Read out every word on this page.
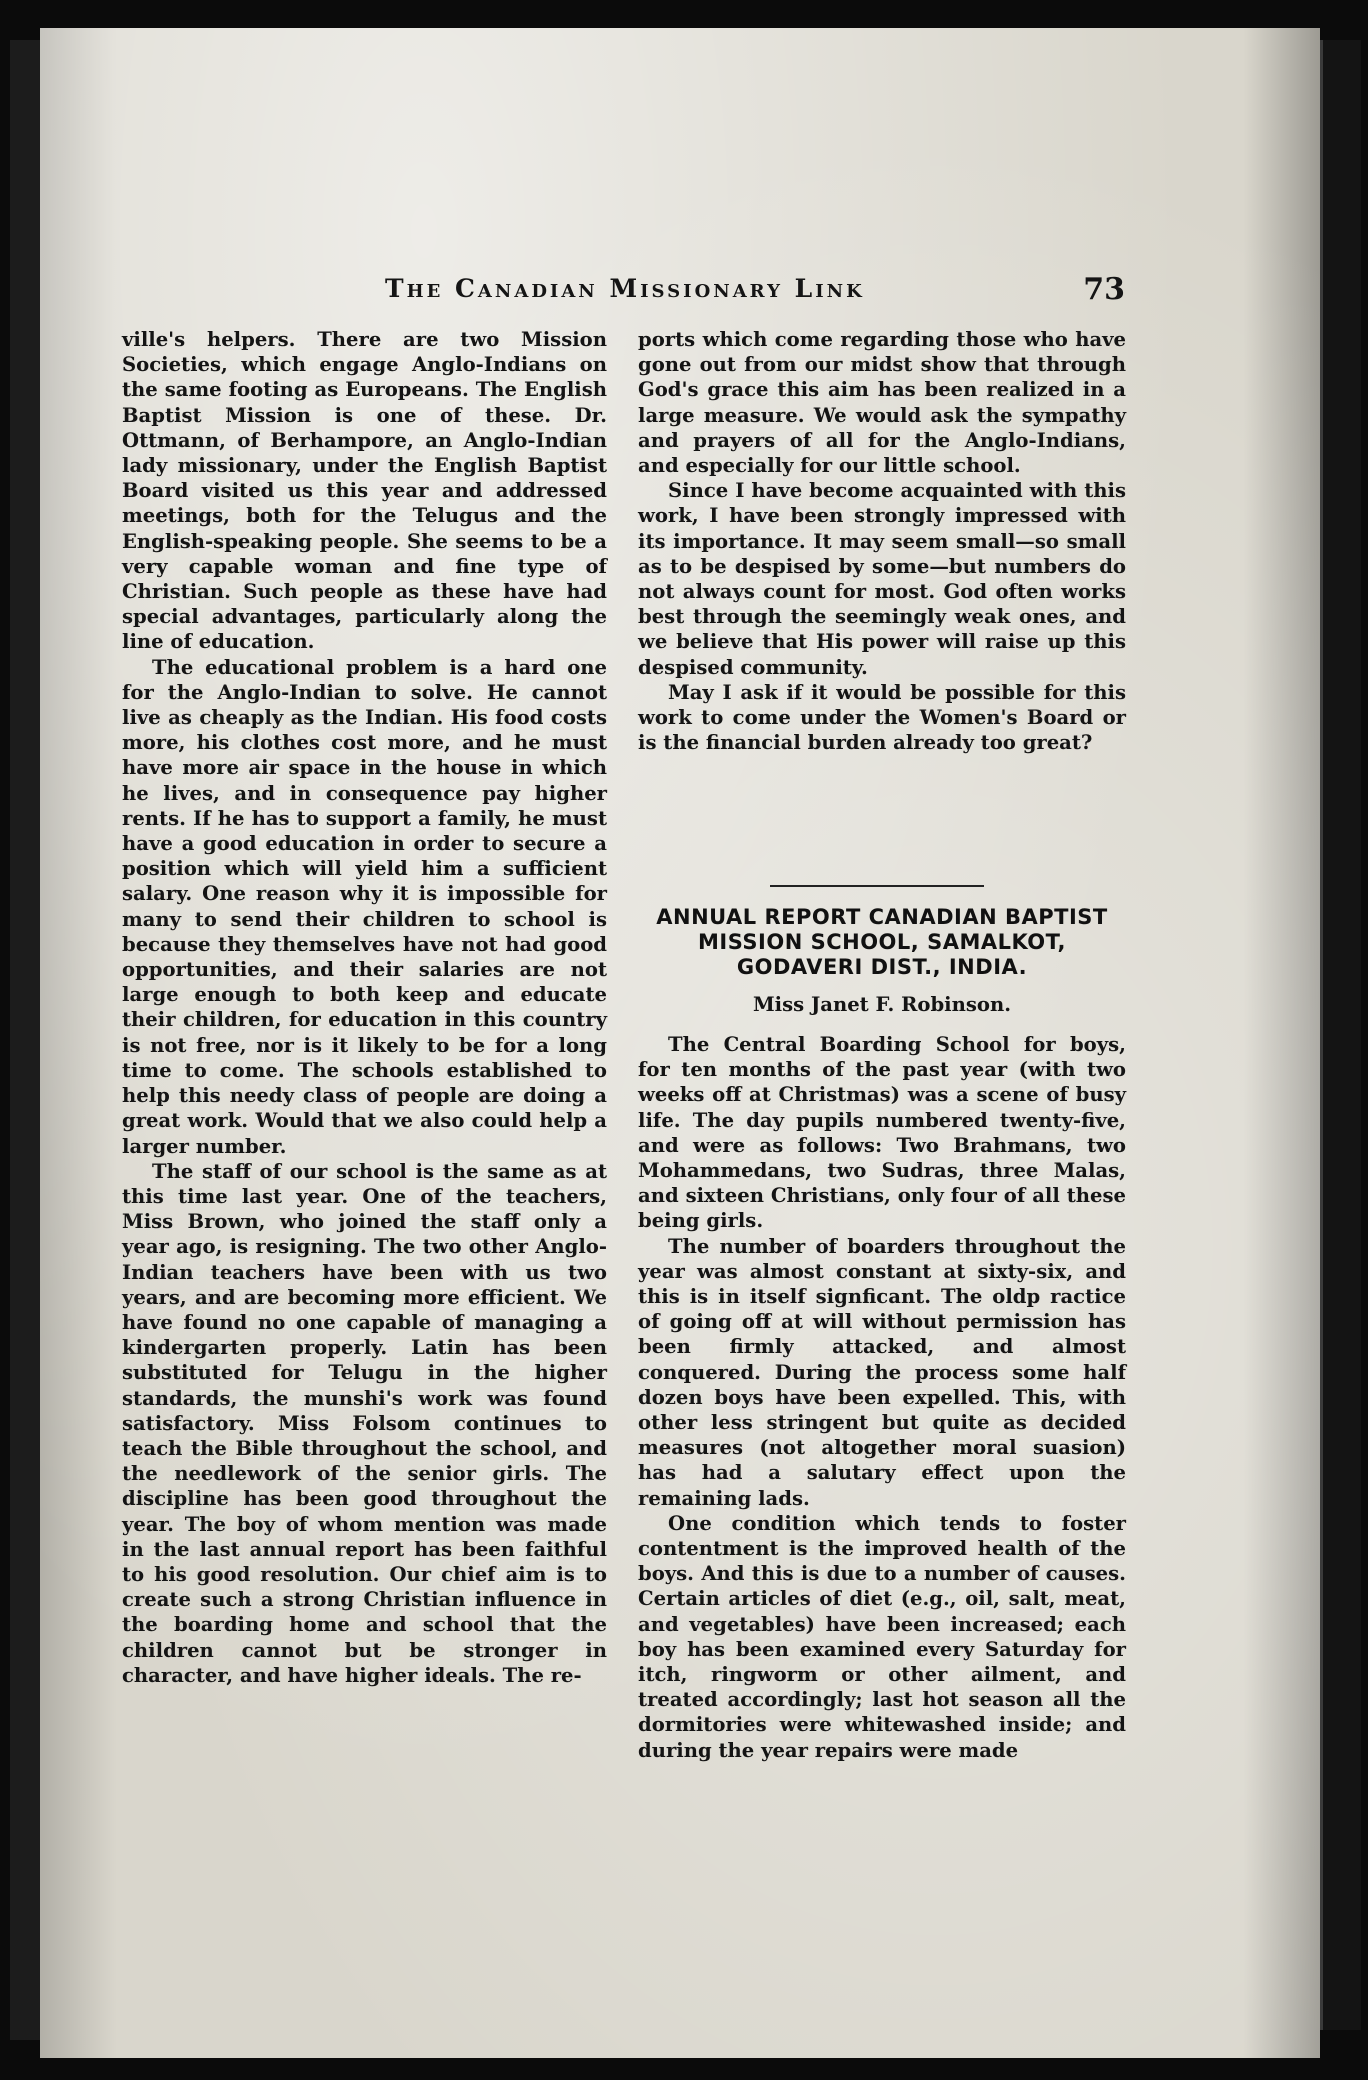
The Canadian Missionary Link	73

ville's helpers. There are two Mission Societies, which engage Anglo-Indians on the same footing as Europeans. The English Baptist Mission is one of these. Dr. Ottmann, of Berhampore, an Anglo-Indian lady missionary, under the English Baptist Board visited us this year and addressed meetings, both for the Telugus and the English-speaking people. She seems to be a very capable woman and fine type of Christian. Such people as these have had special advantages, particularly along the line of education.

The educational problem is a hard one for the Anglo-Indian to solve. He cannot live as cheaply as the Indian. His food costs more, his clothes cost more, and he must have more air space in the house in which he lives, and in consequence pay higher rents. If he has to support a family, he must have a good education in order to secure a position which will yield him a sufficient salary. One reason why it is impossible for many to send their children to school is because they themselves have not had good opportunities, and their salaries are not large enough to both keep and educate their children, for education in this country is not free, nor is it likely to be for a long time to come. The schools established to help this needy class of people are doing a great work. Would that we also could help a larger number.

The staff of our school is the same as at this time last year. One of the teachers, Miss Brown, who joined the staff only a year ago, is resigning. The two other Anglo-Indian teachers have been with us two years, and are becoming more efficient. We have found no one capable of managing a kindergarten properly. Latin has been substituted for Telugu in the higher standards, the munshi's work was found satisfactory. Miss Folsom continues to teach the Bible throughout the school, and the needlework of the senior girls. The discipline has been good throughout the year. The boy of whom mention was made in the last annual report has been faithful to his good resolution. Our chief aim is to create such a strong Christian influence in the boarding home and school that the children cannot but be stronger in character, and have higher ideals. The re-

ports which come regarding those who have gone out from our midst show that through God's grace this aim has been realized in a large measure. We would ask the sympathy and prayers of all for the Anglo-Indians, and especially for our little school.

Since I have become acquainted with this work, I have been strongly impressed with its importance. It may seem small—so small as to be despised by some—but numbers do not always count for most. God often works best through the seemingly weak ones, and we believe that His power will raise up this despised community.

May I ask if it would be possible for this work to come under the Women's Board or is the financial burden already too great?

ANNUAL REPORT CANADIAN BAPTIST MISSION SCHOOL, SAMALKOT, GODAVERI DIST., INDIA.
Miss Janet F. Robinson.

The Central Boarding School for boys, for ten months of the past year (with two weeks off at Christmas) was a scene of busy life. The day pupils numbered twenty-five, and were as follows: Two Brahmans, two Mohammedans, two Sudras, three Malas, and sixteen Christians, only four of all these being girls.

The number of boarders throughout the year was almost constant at sixty-six, and this is in itself signficant. The oldp ractice of going off at will without permission has been firmly attacked, and almost conquered. During the process some half dozen boys have been expelled. This, with other less stringent but quite as decided measures (not altogether moral suasion) has had a salutary effect upon the remaining lads.

One condition which tends to foster contentment is the improved health of the boys. And this is due to a number of causes. Certain articles of diet (e.g., oil, salt, meat, and vegetables) have been increased; each boy has been examined every Saturday for itch, ringworm or other ailment, and treated accordingly; last hot season all the dormitories were whitewashed inside; and during the year repairs were made
